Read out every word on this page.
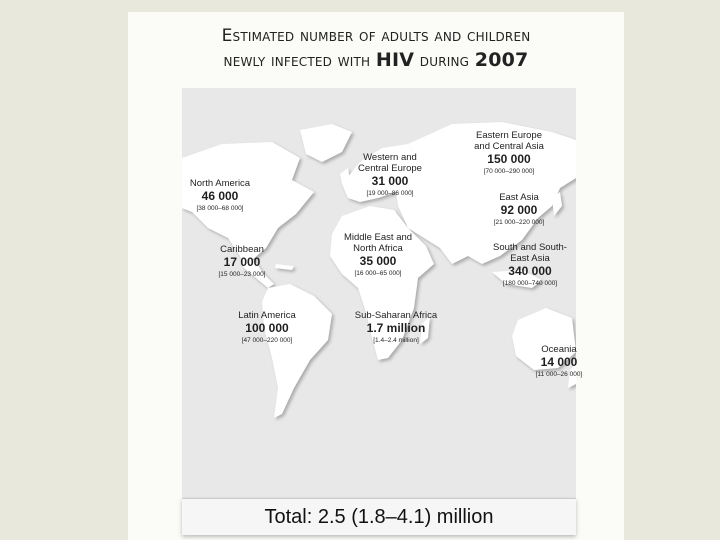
Estimated number of adults and children
newly infected with HIV during 2007
North America
46 000
[38 000–68 000]
Caribbean
17 000
[15 000–23 000]
Latin America
100 000
[47 000–220 000]
Western and Central Europe
31 000
[19 000–86 000]
Middle East and North Africa
35 000
[16 000–65 000]
Sub-Saharan Africa
1.7 million
[1.4–2.4 million]
Eastern Europe and Central Asia
150 000
[70 000–290 000]
East Asia
92 000
[21 000–220 000]
South and South-East Asia
340 000
[180 000–740 000]
Oceania
14 000
[11 000–26 000]
Total: 2.5 (1.8–4.1) million
